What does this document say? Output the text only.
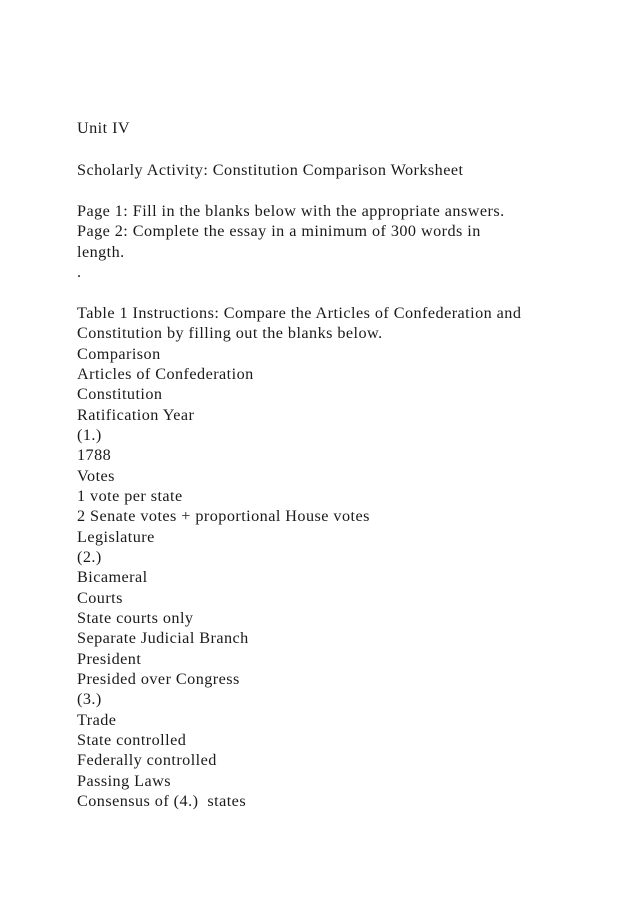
Unit IV
Scholarly Activity: Constitution Comparison Worksheet
Page 1: Fill in the blanks below with the appropriate answers.
Page 2: Complete the essay in a minimum of 300 words in
length.
.
Table 1 Instructions: Compare the Articles of Confederation and
Constitution by filling out the blanks below.
Comparison
Articles of Confederation
Constitution
Ratification Year
(1.)
1788
Votes
1 vote per state
2 Senate votes + proportional House votes
Legislature
(2.)
Bicameral
Courts
State courts only
Separate Judicial Branch
President
Presided over Congress
(3.)
Trade
State controlled
Federally controlled
Passing Laws
Consensus of (4.)  states
